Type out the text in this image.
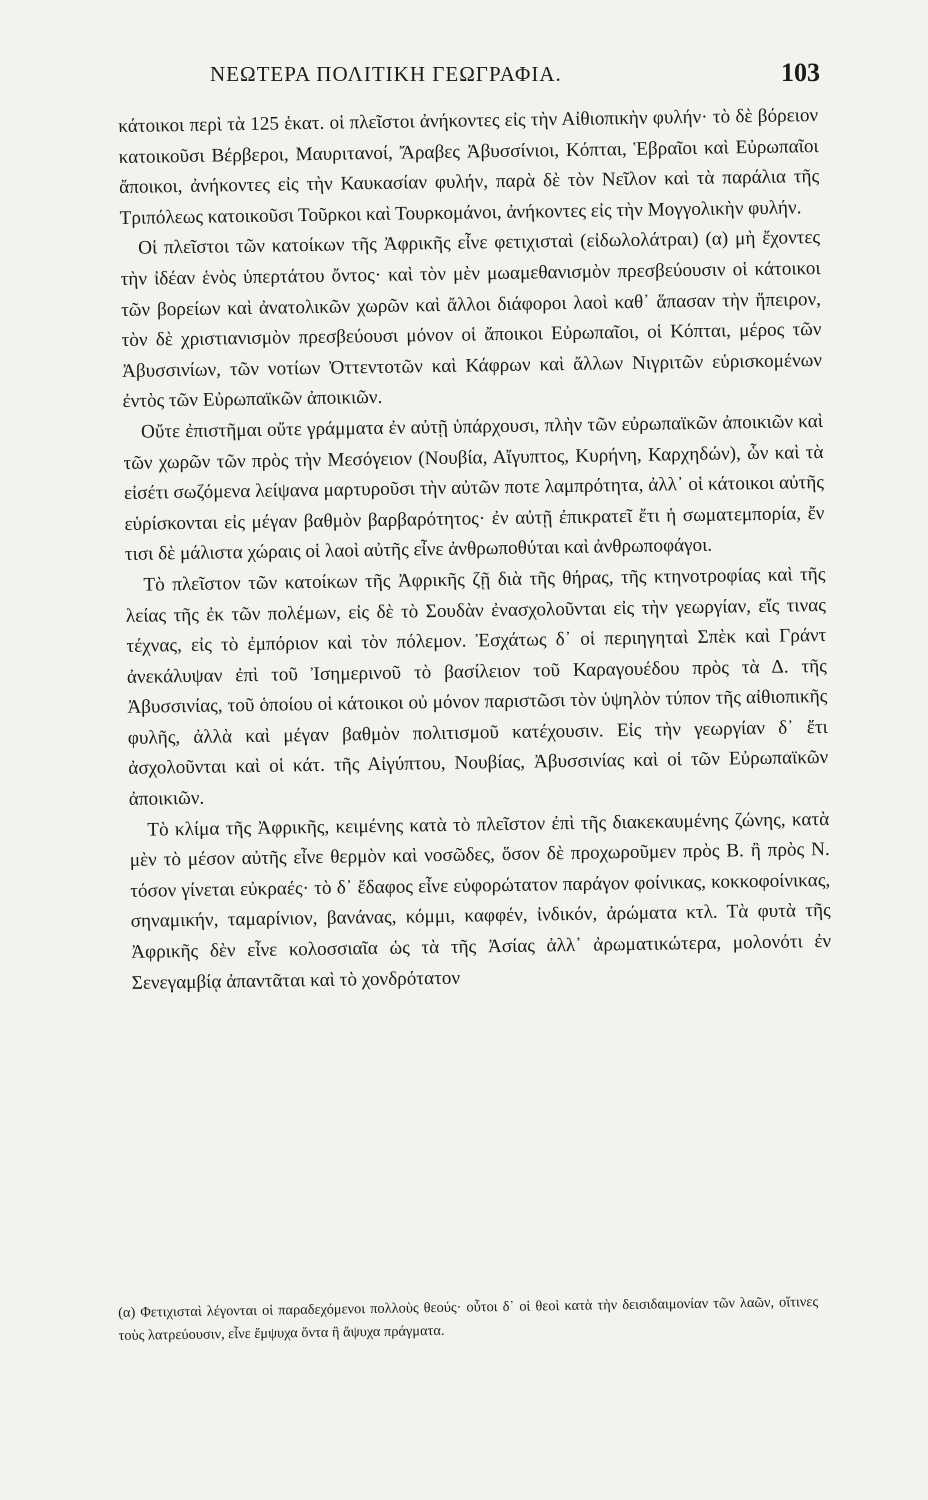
ΝΕΩΤΕΡΑ ΠΟΛΙΤΙΚΗ ΓΕΩΓΡΑΦΙΑ.	103

κάτοικοι περὶ τὰ 125 ἑκατ. οἱ πλεῖστοι ἀνήκοντες εἰς τὴν Αἰθιοπικὴν φυλήν· τὸ δὲ βόρειον κατοικοῦσι Βέρβεροι, Μαυριτανοί, Ἄραβες Ἀβυσσίνιοι, Κόπται, Ἑβραῖοι καὶ Εὐρωπαῖοι ἄποικοι, ἀνήκοντες εἰς τὴν Καυκασίαν φυλήν, παρὰ δὲ τὸν Νεῖλον καὶ τὰ παράλια τῆς Τριπόλεως κατοικοῦσι Τοῦρκοι καὶ Τουρκομάνοι, ἀνήκοντες εἰς τὴν Μογγολικὴν φυλήν.

Οἱ πλεῖστοι τῶν κατοίκων τῆς Ἀφρικῆς εἶνε φετιχισταὶ (εἰδωλολάτραι) (α) μὴ ἔχοντες τὴν ἰδέαν ἑνὸς ὑπερτάτου ὄντος· καὶ τὸν μὲν μωαμεθανισμὸν πρεσβεύουσιν οἱ κάτοικοι τῶν βορείων καὶ ἀνατολικῶν χωρῶν καὶ ἄλλοι διάφοροι λαοὶ καθ᾽ ἅπασαν τὴν ἤπειρον, τὸν δὲ χριστιανισμὸν πρεσβεύουσι μόνον οἱ ἄποικοι Εὐρωπαῖοι, οἱ Κόπται, μέρος τῶν Ἀβυσσινίων, τῶν νοτίων Ὀττεντοτῶν καὶ Κάφρων καὶ ἄλλων Νιγριτῶν εὑρισκομένων ἐντὸς τῶν Εὐρωπαϊκῶν ἀποικιῶν.

Οὔτε ἐπιστῆμαι οὔτε γράμματα ἐν αὐτῇ ὑπάρχουσι, πλὴν τῶν εὐρωπαϊκῶν ἀποικιῶν καὶ τῶν χωρῶν τῶν πρὸς τὴν Μεσόγειον (Νουβία, Αἴγυπτος, Κυρήνη, Καρχηδών), ὧν καὶ τὰ εἰσέτι σωζόμενα λείψανα μαρτυροῦσι τὴν αὐτῶν ποτε λαμπρότητα, ἀλλ᾽ οἱ κάτοικοι αὐτῆς εὑρίσκονται εἰς μέγαν βαθμὸν βαρβαρότητος· ἐν αὐτῇ ἐπικρατεῖ ἔτι ἡ σωματεμπορία, ἔν τισι δὲ μάλιστα χώραις οἱ λαοὶ αὐτῆς εἶνε ἀνθρωποθύται καὶ ἀνθρωποφάγοι.

Τὸ πλεῖστον τῶν κατοίκων τῆς Ἀφρικῆς ζῇ διὰ τῆς θήρας, τῆς κτηνοτροφίας καὶ τῆς λείας τῆς ἐκ τῶν πολέμων, εἰς δὲ τὸ Σουδὰν ἐνασχολοῦνται εἰς τὴν γεωργίαν, εἴς τινας τέχνας, εἰς τὸ ἐμπόριον καὶ τὸν πόλεμον. Ἐσχάτως δ᾽ οἱ περιηγηταὶ Σπὲκ καὶ Γράντ ἀνεκάλυψαν ἐπὶ τοῦ Ἰσημερινοῦ τὸ βασίλειον τοῦ Καραγουέδου πρὸς τὰ Δ. τῆς Ἀβυσσινίας, τοῦ ὁποίου οἱ κάτοικοι οὐ μόνον παριστῶσι τὸν ὑψηλὸν τύπον τῆς αἰθιοπικῆς φυλῆς, ἀλλὰ καὶ μέγαν βαθμὸν πολιτισμοῦ κατέχουσιν. Εἰς τὴν γεωργίαν δ᾽ ἔτι ἀσχολοῦνται καὶ οἱ κάτ. τῆς Αἰγύπτου, Νουβίας, Ἀβυσσινίας καὶ οἱ τῶν Εὐρωπαϊκῶν ἀποικιῶν.

Τὸ κλίμα τῆς Ἀφρικῆς, κειμένης κατὰ τὸ πλεῖστον ἐπὶ τῆς διακεκαυμένης ζώνης, κατὰ μὲν τὸ μέσον αὐτῆς εἶνε θερμὸν καὶ νοσῶδες, ὅσον δὲ προχωροῦμεν πρὸς Β. ἢ πρὸς Ν. τόσον γίνεται εὐκραές· τὸ δ᾽ ἔδαφος εἶνε εὐφορώτατον παράγον φοίνικας, κοκκοφοίνικας, σηναμικήν, ταμαρίνιον, βανάνας, κόμμι, καφφέν, ἰνδικόν, ἀρώματα κτλ. Τὰ φυτὰ τῆς Ἀφρικῆς δὲν εἶνε κολοσσιαῖα ὡς τὰ τῆς Ἀσίας ἀλλ᾽ ἀρωματικώτερα, μολονότι ἐν Σενεγαμβίᾳ ἀπαντᾶται καὶ τὸ χονδρότατον

(α) Φετιχισταὶ λέγονται οἱ παραδεχόμενοι πολλοὺς θεούς· οὗτοι δ᾽ οἱ θεοὶ κατὰ τὴν δεισιδαιμονίαν τῶν λαῶν, οἵτινες τοὺς λατρεύουσιν, εἶνε ἔμψυχα ὄντα ἢ ἄψυχα πράγματα.
